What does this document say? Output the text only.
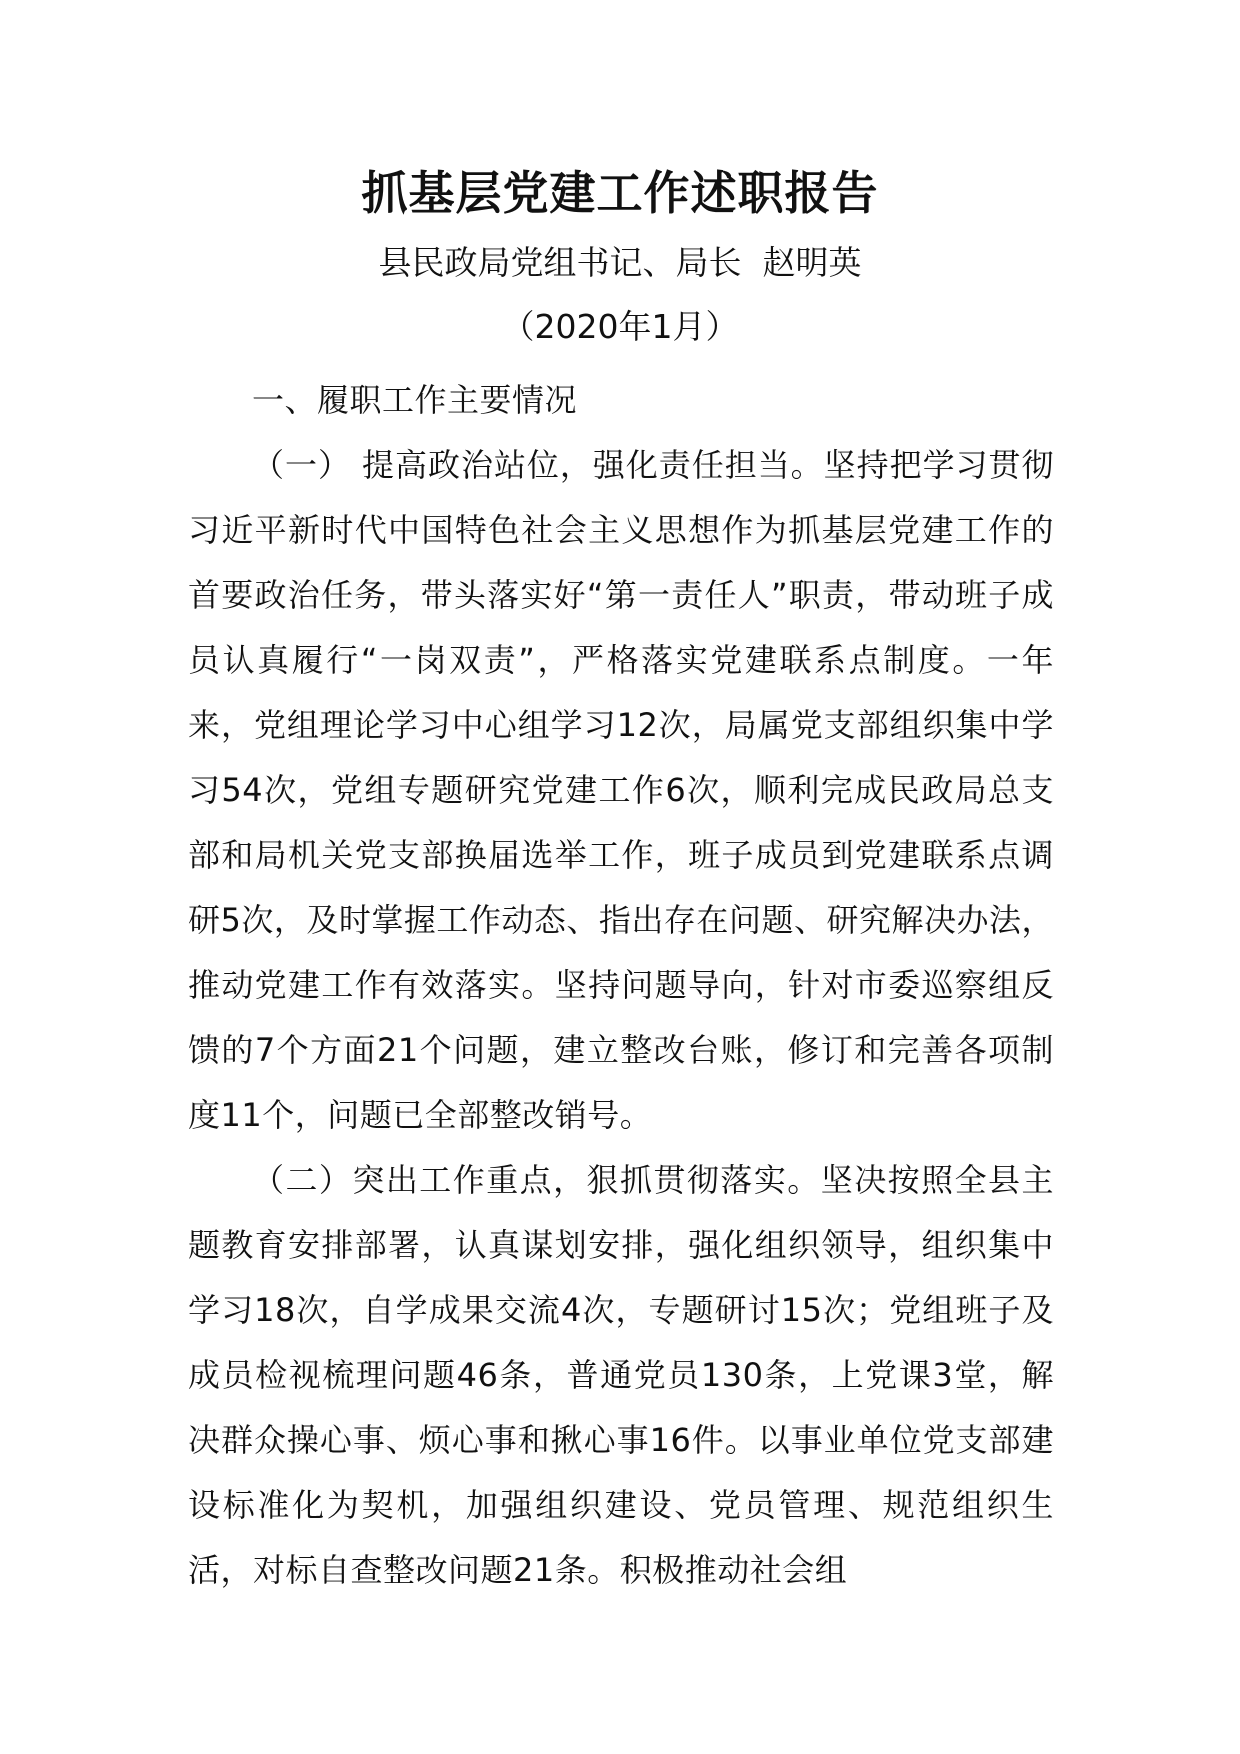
抓基层党建工作述职报告

县民政局党组书记、局长  赵明英

（2020年1月）

一、履职工作主要情况

（一） 提高政治站位，强化责任担当。坚持把学习贯彻习近平新时代中国特色社会主义思想作为抓基层党建工作的首要政治任务，带头落实好“第一责任人”职责，带动班子成员认真履行“一岗双责”，严格落实党建联系点制度。一年来，党组理论学习中心组学习12次，局属党支部组织集中学习54次，党组专题研究党建工作6次，顺利完成民政局总支部和局机关党支部换届选举工作，班子成员到党建联系点调研5次，及时掌握工作动态、指出存在问题、研究解决办法，推动党建工作有效落实。坚持问题导向，针对市委巡察组反馈的7个方面21个问题，建立整改台账，修订和完善各项制度11个，问题已全部整改销号。

（二）突出工作重点，狠抓贯彻落实。坚决按照全县主题教育安排部署，认真谋划安排，强化组织领导，组织集中学习18次，自学成果交流4次，专题研讨15次；党组班子及成员检视梳理问题46条，普通党员130条，上党课3堂，解决群众操心事、烦心事和揪心事16件。以事业单位党支部建设标准化为契机，加强组织建设、党员管理、规范组织生活，对标自查整改问题21条。积极推动社会组
